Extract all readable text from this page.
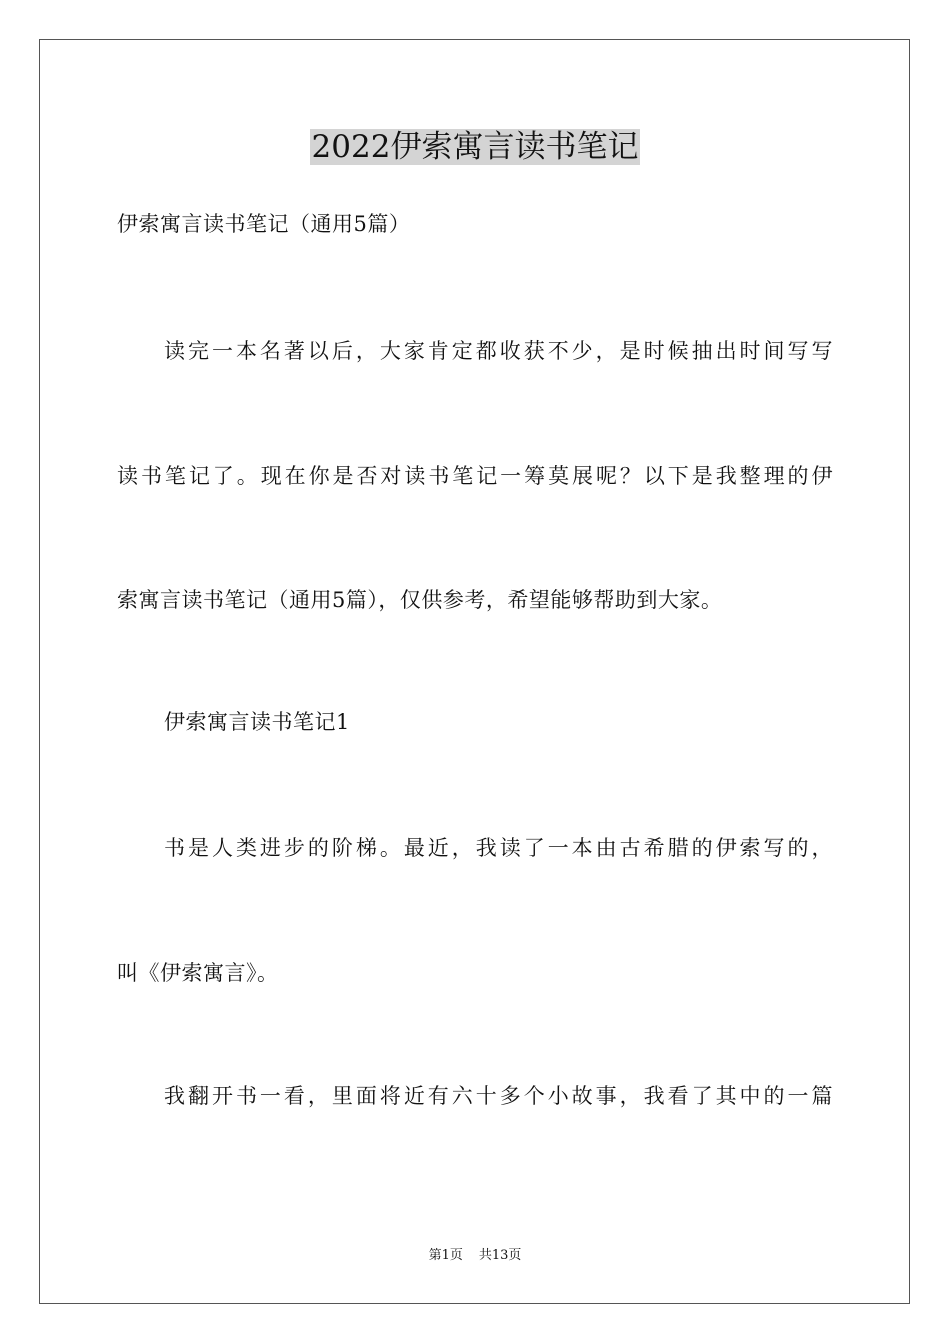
2022伊索寓言读书笔记

伊索寓言读书笔记（通用5篇）

读完一本名著以后，大家肯定都收获不少，是时候抽出时间写写

读书笔记了。现在你是否对读书笔记一筹莫展呢？以下是我整理的伊

索寓言读书笔记（通用5篇），仅供参考，希望能够帮助到大家。

伊索寓言读书笔记1

书是人类进步的阶梯。最近，我读了一本由古希腊的伊索写的，

叫《伊索寓言》。

我翻开书一看，里面将近有六十多个小故事，我看了其中的一篇

第1页 共13页
